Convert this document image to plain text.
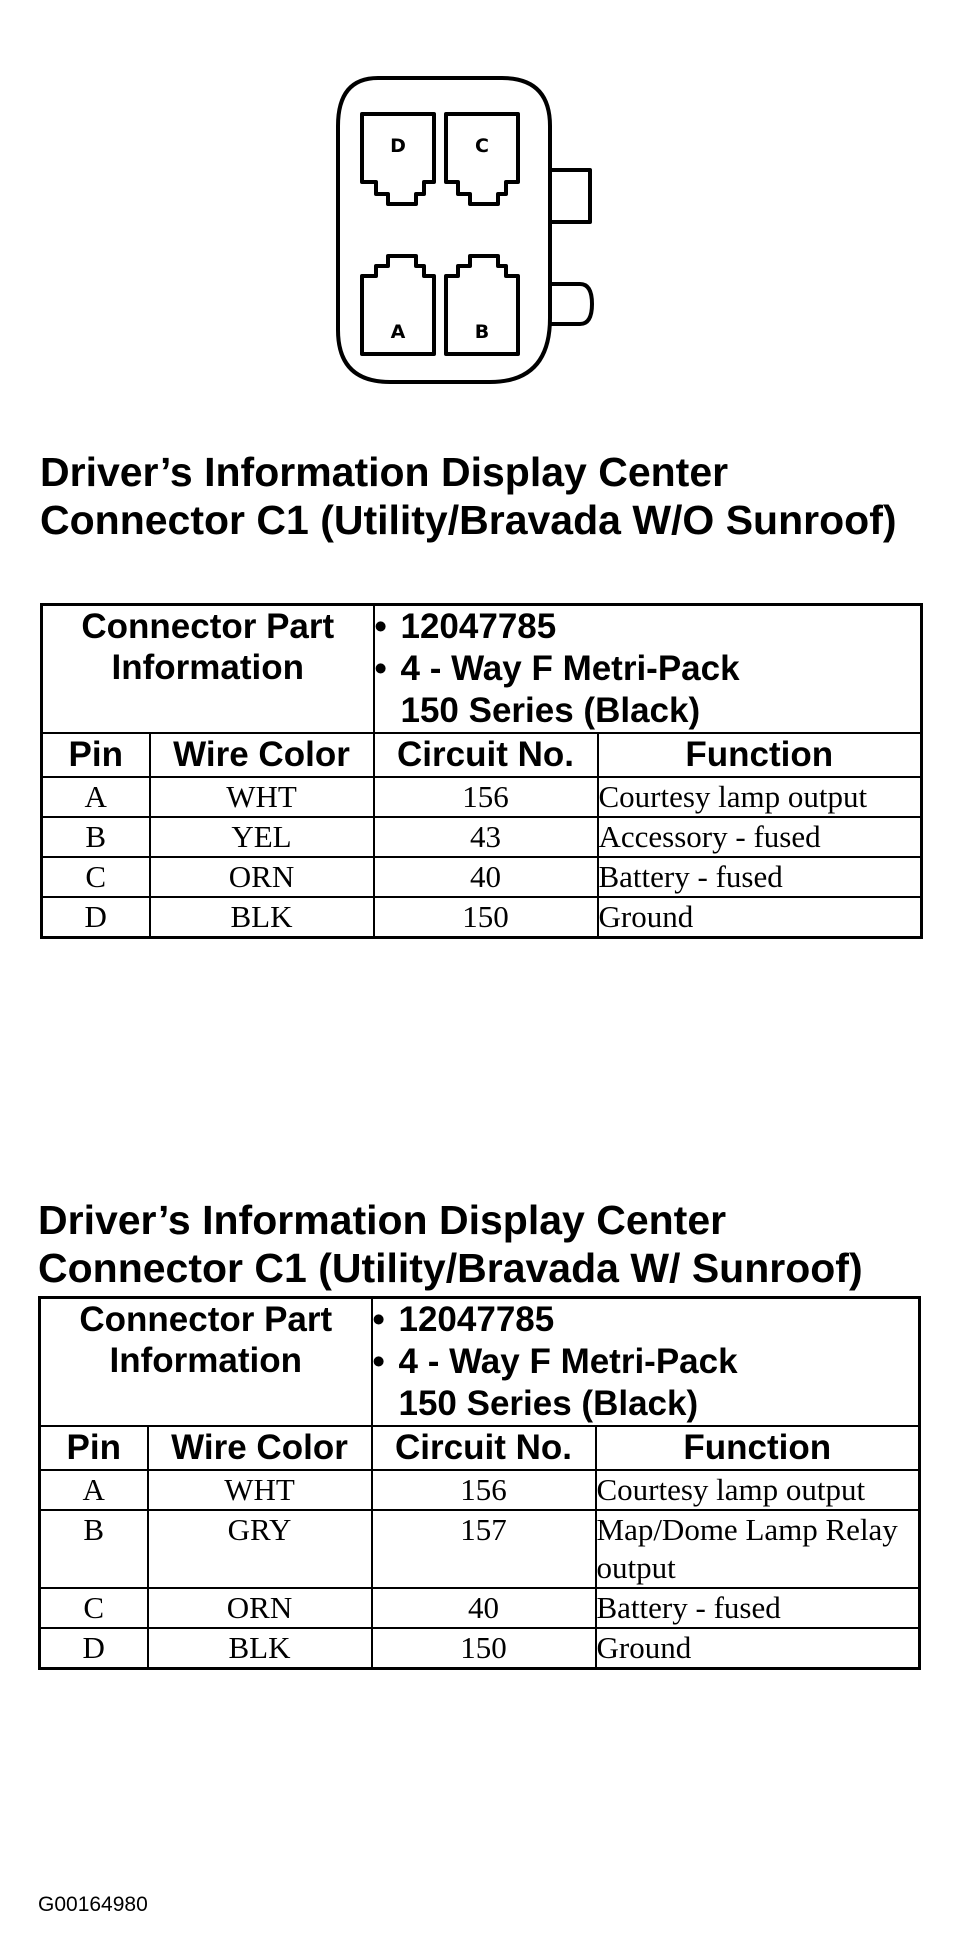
D	C
A	B
Driver’s Information Display Center Connector C1 (Utility/Bravada W/O Sunroof)
Connector Part Information		• 12047785
• 4 - Way F Metri-Pack
150 Series (Black)	

Pin	Wire Color	Circuit No.	Function
A	WHT	156	Courtesy lamp output
B	YEL	43	Accessory - fused
C	ORN	40	Battery - fused
D	BLK	150	Ground
Driver’s Information Display Center Connector C1 (Utility/Bravada W/ Sunroof)
Connector Part Information		• 12047785
• 4 - Way F Metri-Pack
150 Series (Black)	

Pin	Wire Color	Circuit No.	Function
A	WHT	156	Courtesy lamp output
B	GRY	157	Map/Dome Lamp Relay output
C	ORN	40	Battery - fused
D	BLK	150	Ground
G00164980
